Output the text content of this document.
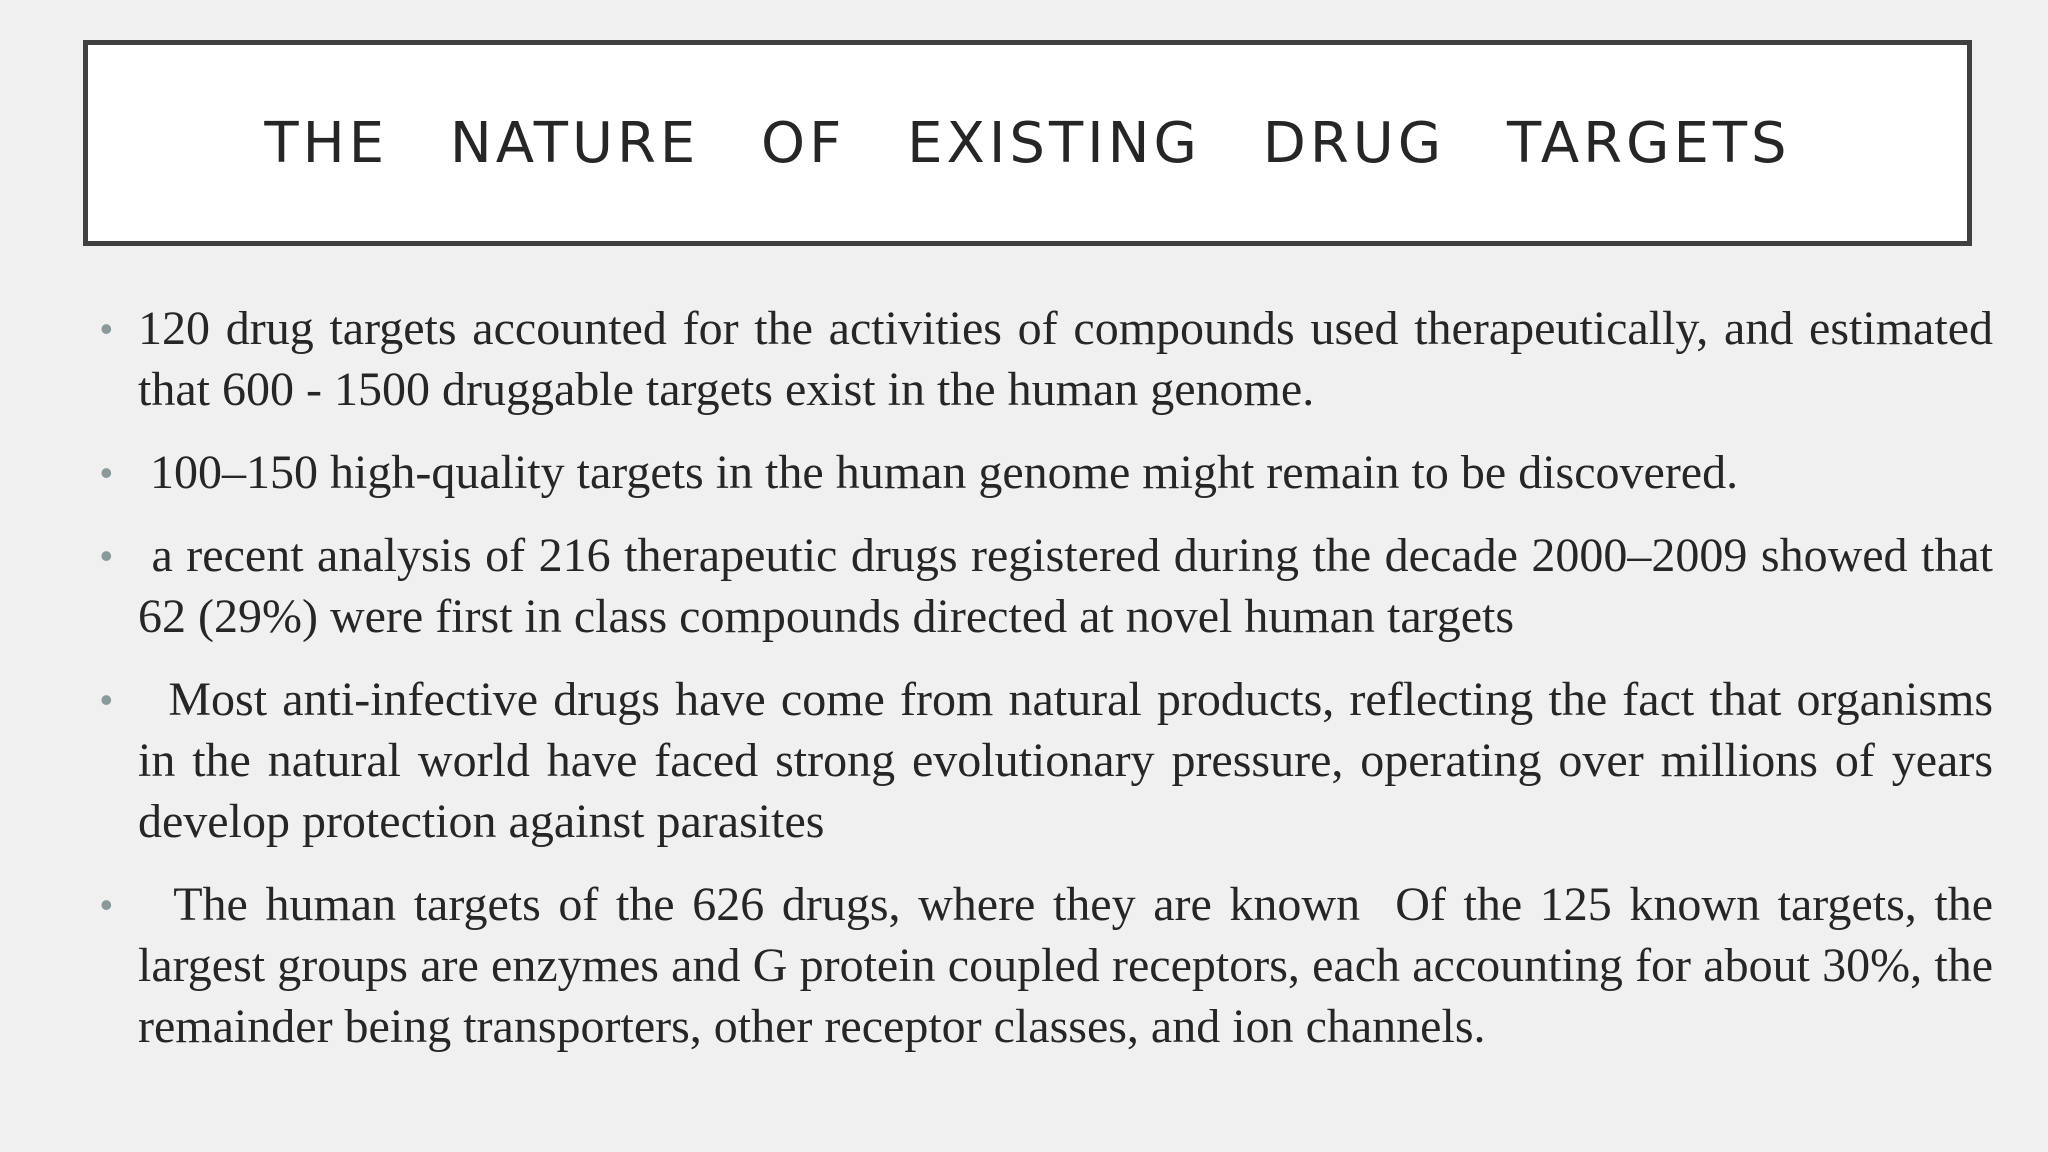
THE NATURE OF EXISTING DRUG TARGETS
• 120 drug targets accounted for the activities of compounds used therapeutically, and estimated that 600 - 1500 druggable targets exist in the human genome.
• 100–150 high-quality targets in the human genome might remain to be discovered.
• a recent analysis of 216 therapeutic drugs registered during the decade 2000–2009 showed that 62 (29%) were first in class compounds directed at novel human targets
• Most anti-infective drugs have come from natural products, reflecting the fact that organisms in the natural world have faced strong evolutionary pressure, operating over millions of years develop protection against parasites
• The human targets of the 626 drugs, where they are known  Of the 125 known targets, the largest groups are enzymes and G protein coupled receptors, each accounting for about 30%, the remainder being transporters, other receptor classes, and ion channels.
